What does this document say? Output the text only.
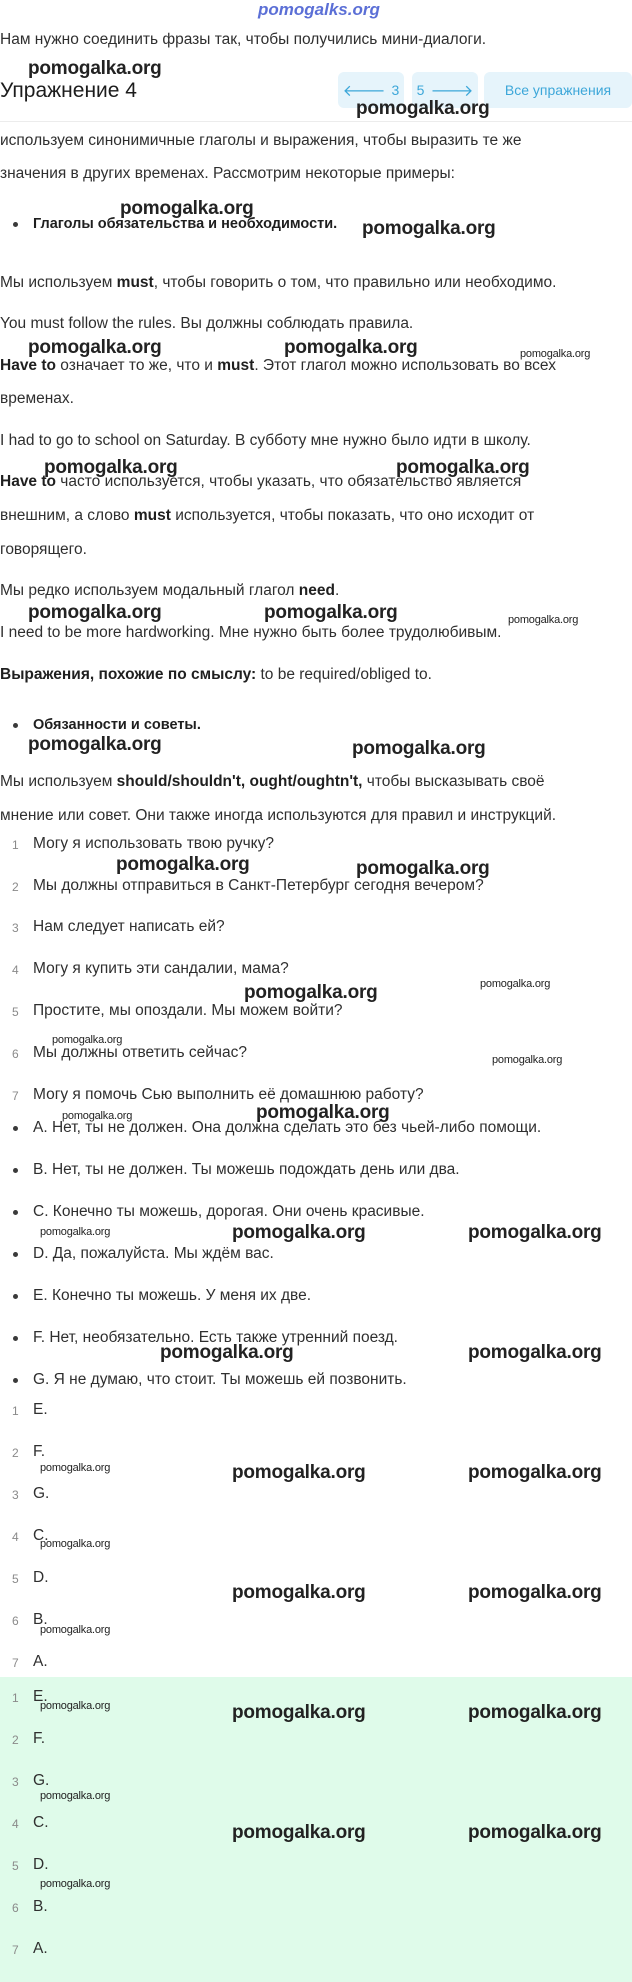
pomogalks.org
Нам нужно соединить фразы так, чтобы получились мини-диалоги.
Упражнение 4	🡐 3 5 🡒 Все упражнения
используем синонимичные глаголы и выражения, чтобы выразить те же
значения в других временах. Рассмотрим некоторые примеры:
Глаголы обязательства и необходимости.
Мы используем must, чтобы говорить о том, что правильно или необходимо.
You must follow the rules. Вы должны соблюдать правила.
Have to означает то же, что и must. Этот глагол можно использовать во всех
временах.
I had to go to school on Saturday. В субботу мне нужно было идти в школу.
Have to часто используется, чтобы указать, что обязательство является
внешним, а слово must используется, чтобы показать, что оно исходит от
говорящего.
Мы редко используем модальный глагол need.
I need to be more hardworking. Мне нужно быть более трудолюбивым.
Выражения, похожие по смыслу: to be required/obliged to.
Обязанности и советы.
Мы используем should/shouldn't, ought/oughtn't, чтобы высказывать своё
мнение или совет. Они также иногда используются для правил и инструкций.
1 Могу я использовать твою ручку?
2 Мы должны отправиться в Санкт-Петербург сегодня вечером?
3 Нам следует написать ей?
4 Могу я купить эти сандалии, мама?
5 Простите, мы опоздали. Мы можем войти?
6 Мы должны ответить сейчас?
7 Могу я помочь Сью выполнить её домашнюю работу?
A. Нет, ты не должен. Она должна сделать это без чьей-либо помощи.
B. Нет, ты не должен. Ты можешь подождать день или два.
C. Конечно ты можешь, дорогая. Они очень красивые.
D. Да, пожалуйста. Мы ждём вас.
E. Конечно ты можешь. У меня их две.
F. Нет, необязательно. Есть также утренний поезд.
G. Я не думаю, что стоит. Ты можешь ей позвонить.
1 E.
2 F.
3 G.
4 C.
5 D.
6 B.
7 A.
1 E.
2 F.
3 G.
4 C.
5 D.
6 B.
7 A.
pomogalka.org
pomogalka.org
pomogalka.org
pomogalka.org
pomogalka.org	pomogalka.org	pomogalka.org
pomogalka.org	pomogalka.org
pomogalka.org	pomogalka.org	pomogalka.org
pomogalka.org	pomogalka.org
pomogalka.org	pomogalka.org
pomogalka.org	pomogalka.org
pomogalka.org
pomogalka.org
pomogalka.org	pomogalka.org
pomogalka.org	pomogalka.org	pomogalka.org
pomogalka.org	pomogalka.org
pomogalka.org	pomogalka.org	pomogalka.org
pomogalka.org
pomogalka.org	pomogalka.org
pomogalka.org
pomogalka.org	pomogalka.org	pomogalka.org
pomogalka.org
pomogalka.org	pomogalka.org
pomogalka.org
